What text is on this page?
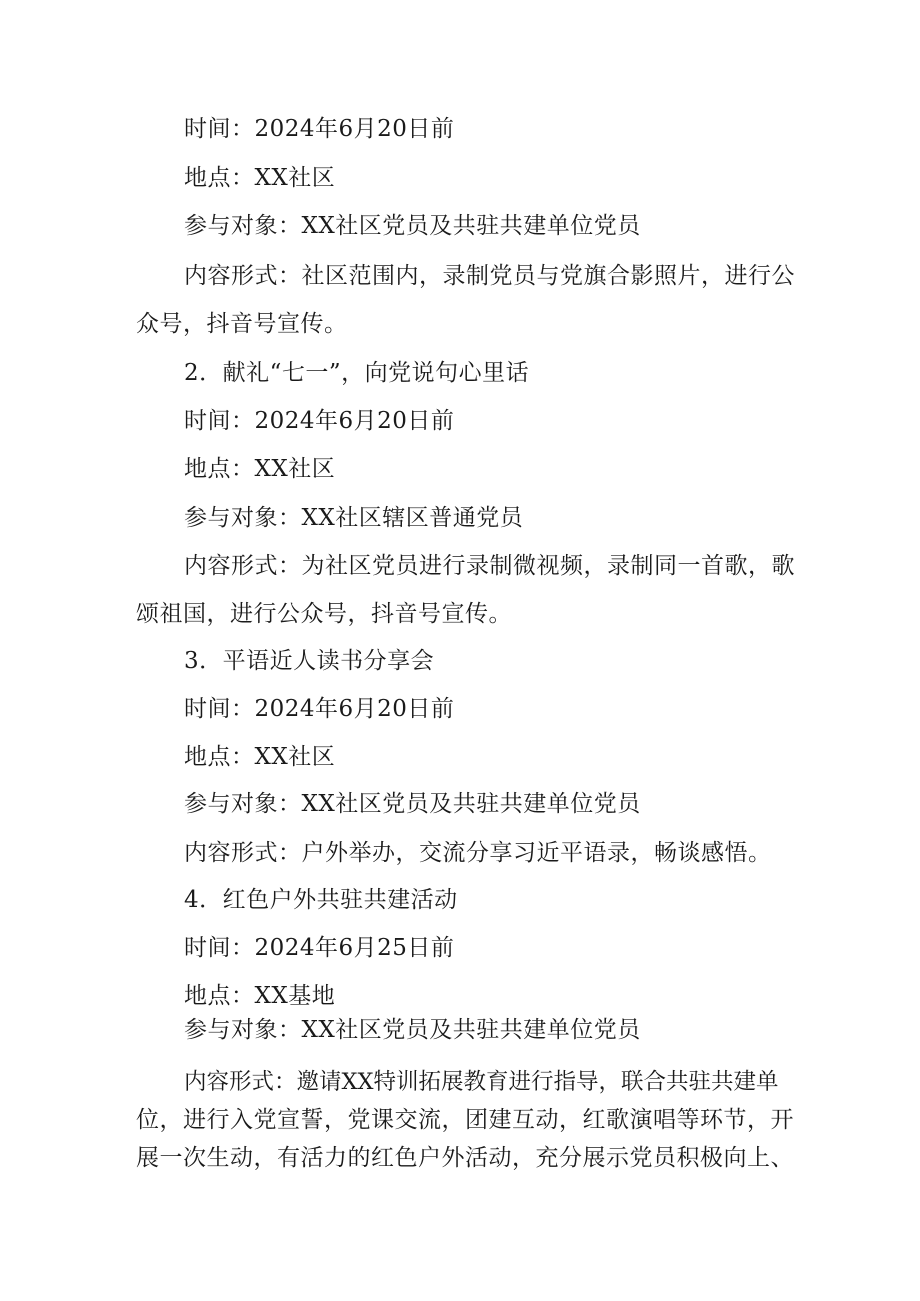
时间：2024年6月20日前
地点：XX社区
参与对象：XX社区党员及共驻共建单位党员
内容形式：社区范围内，录制党员与党旗合影照片，进行公
众号，抖音号宣传。
2．献礼“七一”，向党说句心里话
时间：2024年6月20日前
地点：XX社区
参与对象：XX社区辖区普通党员
内容形式：为社区党员进行录制微视频，录制同一首歌，歌
颂祖国，进行公众号，抖音号宣传。
3．平语近人读书分享会
时间：2024年6月20日前
地点：XX社区
参与对象：XX社区党员及共驻共建单位党员
内容形式：户外举办，交流分享习近平语录，畅谈感悟。
4．红色户外共驻共建活动
时间：2024年6月25日前
地点：XX基地
参与对象：XX社区党员及共驻共建单位党员
内容形式：邀请XX特训拓展教育进行指导，联合共驻共建单
位，进行入党宣誓，党课交流，团建互动，红歌演唱等环节，开
展一次生动，有活力的红色户外活动，充分展示党员积极向上、
